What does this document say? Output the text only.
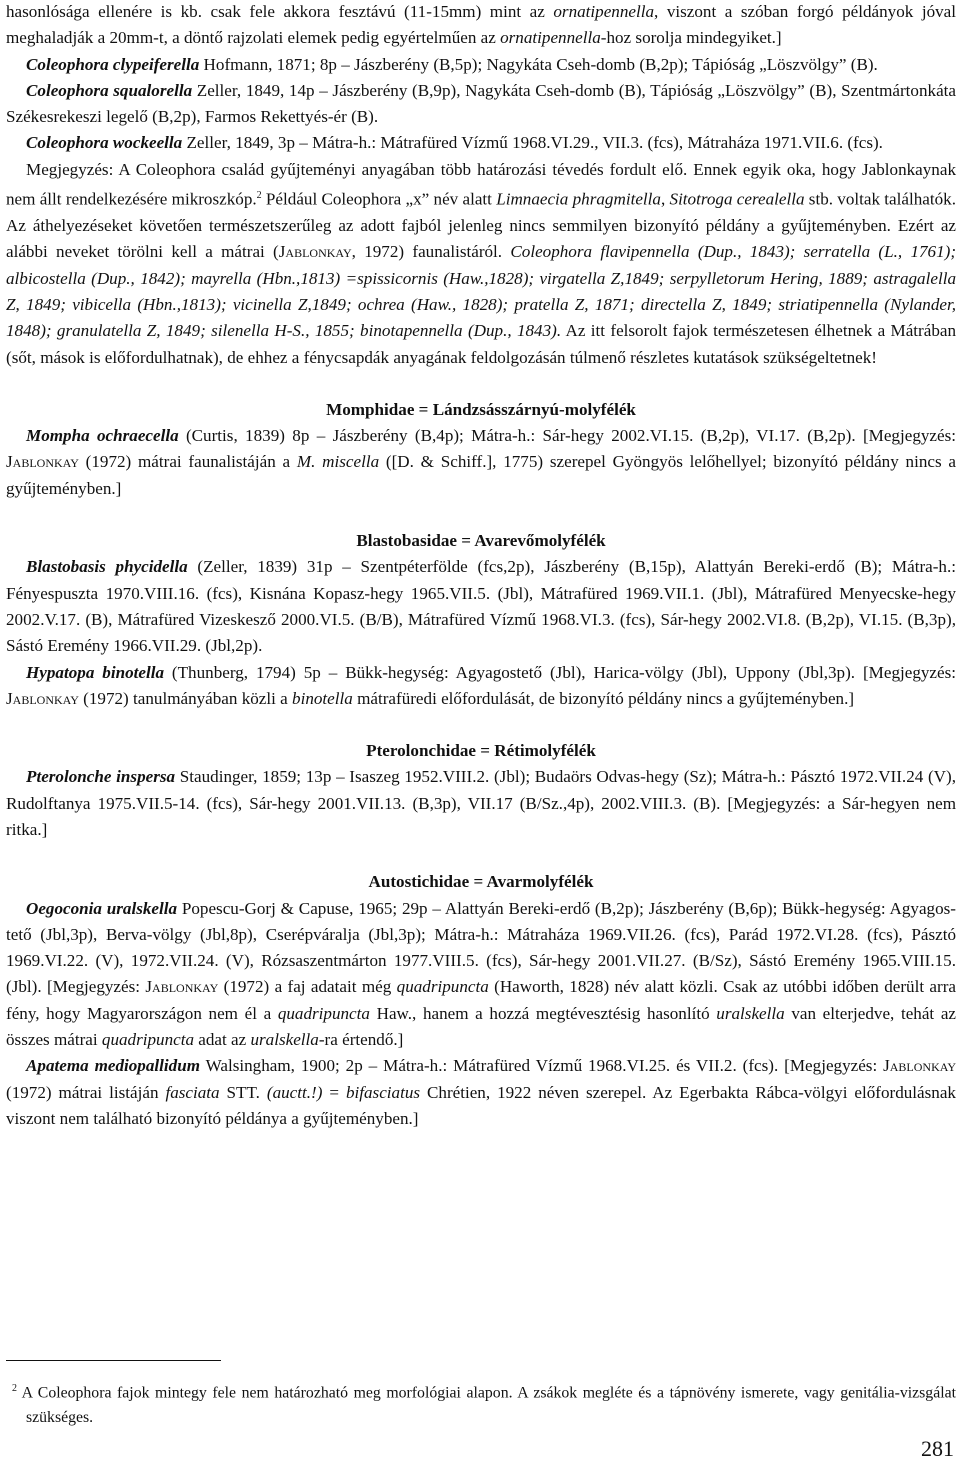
hasonlósága ellenére is kb. csak fele akkora fesztávú (11-15mm) mint az ornatipennella, viszont a szóban forgó példányok jóval meghaladják a 20mm-t, a döntő rajzolati elemek pedig egyértelműen az ornatipennella-hoz sorolja mindegyiket.]

Coleophora clypeiferella Hofmann, 1871; 8p – Jászberény (B,5p); Nagykáta Cseh-domb (B,2p); Tápióság „Löszvölgy” (B).

Coleophora squalorella Zeller, 1849, 14p – Jászberény (B,9p), Nagykáta Cseh-domb (B), Tápióság „Löszvölgy” (B), Szentmártonkáta Székesrekeszi legelő (B,2p), Farmos Rekettyés-ér (B).

Coleophora wockeella Zeller, 1849, 3p – Mátra-h.: Mátrafüred Vízmű 1968.VI.29., VII.3. (fcs), Mátraháza 1971.VII.6. (fcs).

Megjegyzés: A Coleophora család gyűjteményi anyagában több határozási tévedés fordult elő. Ennek egyik oka, hogy Jablonkaynak nem állt rendelkezésére mikroszkóp.$^2$ Például Coleophora „x” név alatt Limnaecia phragmitella, Sitotroga cerealella stb. voltak találhatók. Az áthelyezéseket követően természetszerűleg az adott fajból jelenleg nincs semmilyen bizonyító példány a gyűjteményben. Ezért az alábbi neveket törölni kell a mátrai (Jablonkay, 1972) faunalistáról. Coleophora flavipennella (Dup., 1843); serratella (L., 1761); albicostella (Dup., 1842); mayrella (Hbn.,1813) =spissicornis (Haw.,1828); virgatella Z,1849; serpylletorum Hering, 1889; astragalella Z, 1849; vibicella (Hbn.,1813); vicinella Z,1849; ochrea (Haw., 1828); pratella Z, 1871; directella Z, 1849; striatipennella (Nylander, 1848); granulatella Z, 1849; silenella H-S., 1855; binotapennella (Dup., 1843). Az itt felsorolt fajok természetesen élhetnek a Mátrában (sőt, mások is előfordulhatnak), de ehhez a fénycsapdák anyagának feldolgozásán túlmenő részletes kutatások szükségeltetnek!

Momphidae = Lándzsásszárnyú-molyfélék

Mompha ochraecella (Curtis, 1839) 8p – Jászberény (B,4p); Mátra-h.: Sár-hegy 2002.VI.15. (B,2p), VI.17. (B,2p). [Megjegyzés: Jablonkay (1972) mátrai faunalistáján a M. miscella ([D. & Schiff.], 1775) szerepel Gyöngyös lelőhellyel; bizonyító példány nincs a gyűjteményben.]

Blastobasidae = Avarevőmolyfélék

Blastobasis phycidella (Zeller, 1839) 31p – Szentpéterfölde (fcs,2p), Jászberény (B,15p), Alattyán Bereki-erdő (B); Mátra-h.: Fényespuszta 1970.VIII.16. (fcs), Kisnána Kopasz-hegy 1965.VII.5. (Jbl), Mátrafüred 1969.VII.1. (Jbl), Mátrafüred Menyecske-hegy 2002.V.17. (B), Mátrafüred Vizeskesző 2000.VI.5. (B/B), Mátrafüred Vízmű 1968.VI.3. (fcs), Sár-hegy 2002.VI.8. (B,2p), VI.15. (B,3p), Sástó Eremény 1966.VII.29. (Jbl,2p).

Hypatopa binotella (Thunberg, 1794) 5p – Bükk-hegység: Agyagostető (Jbl), Harica-völgy (Jbl), Uppony (Jbl,3p). [Megjegyzés: Jablonkay (1972) tanulmányában közli a binotella mátrafüredi előfordulását, de bizonyító példány nincs a gyűjteményben.]

Pterolonchidae = Rétimolyfélék

Pterolonche inspersa Staudinger, 1859; 13p – Isaszeg 1952.VIII.2. (Jbl); Budaörs Odvas-hegy (Sz); Mátra-h.: Pásztó 1972.VII.24 (V), Rudolftanya 1975.VII.5-14. (fcs), Sár-hegy 2001.VII.13. (B,3p), VII.17 (B/Sz.,4p), 2002.VIII.3. (B). [Megjegyzés: a Sár-hegyen nem ritka.]

Autostichidae = Avarmolyfélék

Oegoconia uralskella Popescu-Gorj & Capuse, 1965; 29p – Alattyán Bereki-erdő (B,2p); Jászberény (B,6p); Bükk-hegység: Agyagos-tető (Jbl,3p), Berva-völgy (Jbl,8p), Cserépváralja (Jbl,3p); Mátra-h.: Mátraháza 1969.VII.26. (fcs), Parád 1972.VI.28. (fcs), Pásztó 1969.VI.22. (V), 1972.VII.24. (V), Rózsaszentmárton 1977.VIII.5. (fcs), Sár-hegy 2001.VII.27. (B/Sz), Sástó Eremény 1965.VIII.15. (Jbl). [Megjegyzés: Jablonkay (1972) a faj adatait még quadripuncta (Haworth, 1828) név alatt közli. Csak az utóbbi időben derült arra fény, hogy Magyarországon nem él a quadripuncta Haw., hanem a hozzá megtévesztésig hasonlító uralskella van elterjedve, tehát az összes mátrai quadripuncta adat az uralskella-ra értendő.]

Apatema mediopallidum Walsingham, 1900; 2p – Mátra-h.: Mátrafüred Vízmű 1968.VI.25. és VII.2. (fcs). [Megjegyzés: Jablonkay (1972) mátrai listáján fasciata STT. (auctt.!) = bifasciatus Chrétien, 1922 néven szerepel. Az Egerbakta Rábca-völgyi előfordulásnak viszont nem található bizonyító példánya a gyűjteményben.]

$^2$ A Coleophora fajok mintegy fele nem határozható meg morfológiai alapon. A zsákok megléte és a tápnövény ismerete, vagy genitália-vizsgálat szükséges.

281
